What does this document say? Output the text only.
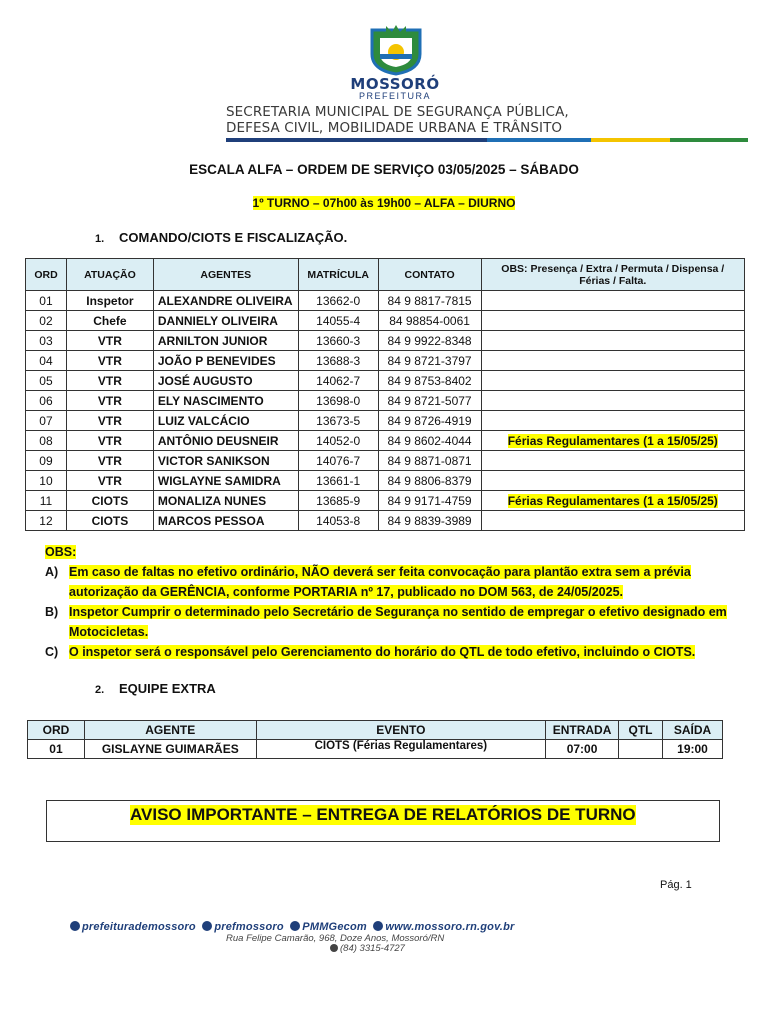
MOSSORÓ
PREFEITURA
SECRETARIA MUNICIPAL DE SEGURANÇA PÚBLICA,
DEFESA CIVIL, MOBILIDADE URBANA E TRÂNSITO
ESCALA ALFA – ORDEM DE SERVIÇO 03/05/2025 – SÁBADO
1º TURNO – 07h00 às 19h00 – ALFA – DIURNO
1. COMANDO/CIOTS E FISCALIZAÇÃO.
ORD	ATUAÇÃO	AGENTES	MATRÍCULA	CONTATO	OBS: Presença / Extra / Permuta / Dispensa / Férias / Falta.
01	Inspetor	ALEXANDRE OLIVEIRA	13662-0	84 9 8817-7815	
02	Chefe	DANNIELY OLIVEIRA	14055-4	84 98854-0061	
03	VTR	ARNILTON JUNIOR	13660-3	84 9 9922-8348	
04	VTR	JOÃO P BENEVIDES	13688-3	84 9 8721-3797	
05	VTR	JOSÉ AUGUSTO	14062-7	84 9 8753-8402	
06	VTR	ELY NASCIMENTO	13698-0	84 9 8721-5077	
07	VTR	LUIZ VALCÁCIO	13673-5	84 9 8726-4919	
08	VTR	ANTÔNIO DEUSNEIR	14052-0	84 9 8602-4044	Férias Regulamentares (1 a 15/05/25)
09	VTR	VICTOR SANIKSON	14076-7	84 9 8871-0871	
10	VTR	WIGLAYNE SAMIDRA	13661-1	84 9 8806-8379	
11	CIOTS	MONALIZA NUNES	13685-9	84 9 9171-4759	Férias Regulamentares (1 a 15/05/25)
12	CIOTS	MARCOS PESSOA	14053-8	84 9 8839-3989	
OBS:
A) Em caso de faltas no efetivo ordinário, NÃO deverá ser feita convocação para plantão extra sem a prévia autorização da GERÊNCIA, conforme PORTARIA nº 17, publicado no DOM 563, de 24/05/2025.
B) Inspetor Cumprir o determinado pelo Secretário de Segurança no sentido de empregar o efetivo designado em Motocicletas.
C) O inspetor será o responsável pelo Gerenciamento do horário do QTL de todo efetivo, incluindo o CIOTS.
2. EQUIPE EXTRA
ORD	AGENTE	EVENTO	ENTRADA	QTL	SAÍDA
01	GISLAYNE GUIMARÃES	CIOTS (Férias Regulamentares)	07:00		19:00
AVISO IMPORTANTE – ENTREGA DE RELATÓRIOS DE TURNO
Pág. 1
prefeiturademossoro prefmossoro PMMGecom www.mossoro.rn.gov.br
Rua Felipe Camarão, 968, Doze Anos, Mossoró/RN
(84) 3315-4727
